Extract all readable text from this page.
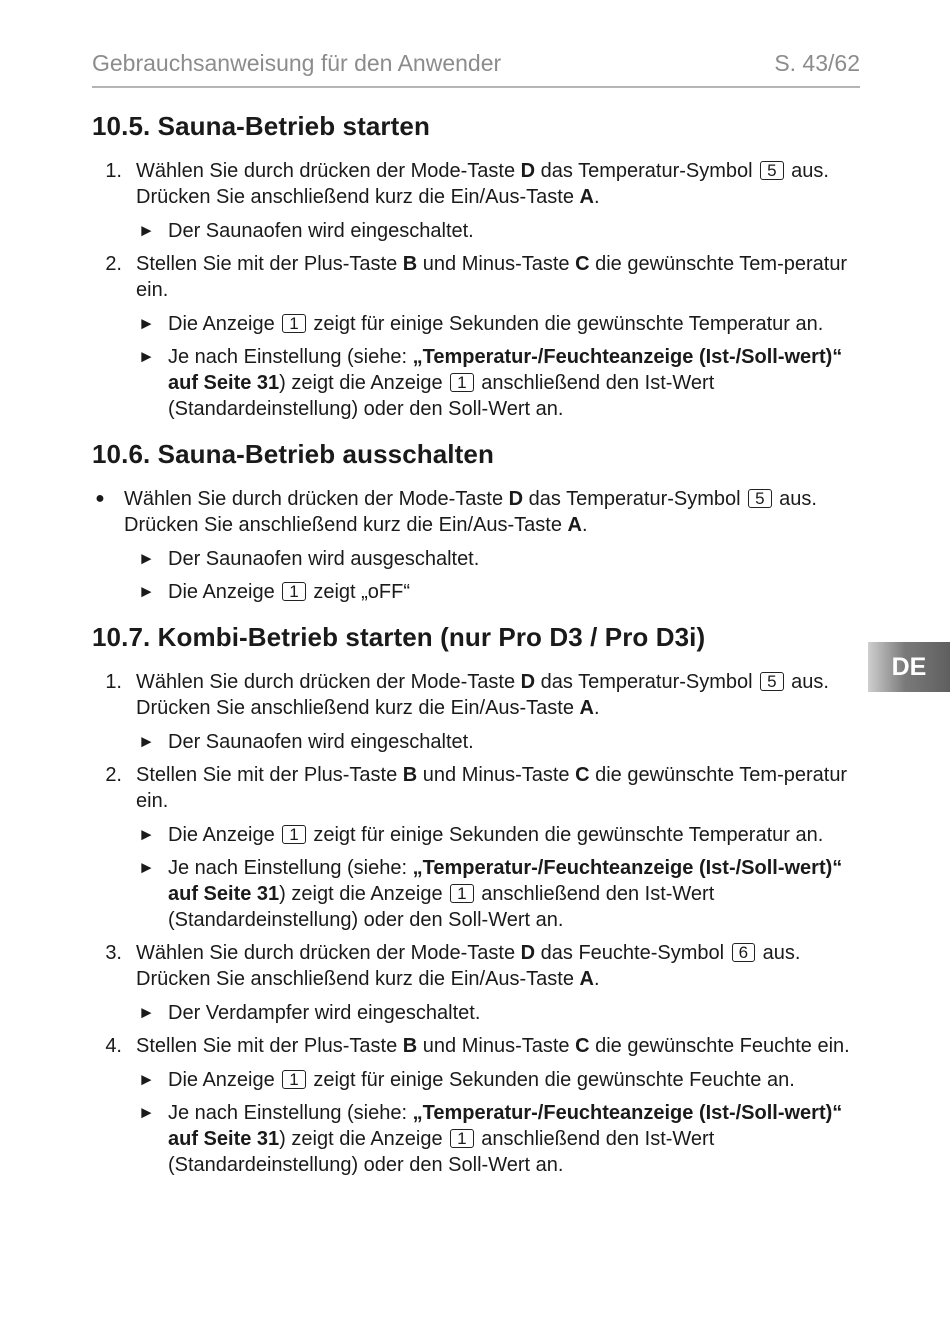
Gebrauchsanweisung für den Anwender	S. 43/62
DE
10.5. Sauna-Betrieb starten
1. Wählen Sie durch drücken der Mode-Taste D das Temperatur-Symbol 5 aus. Drücken Sie anschließend kurz die Ein/Aus-Taste A.
► Der Saunaofen wird eingeschaltet.
2. Stellen Sie mit der Plus-Taste B und Minus-Taste C die gewünschte Tem-peratur ein.
► Die Anzeige 1 zeigt für einige Sekunden die gewünschte Temperatur an.
► Je nach Einstellung (siehe: „Temperatur-/Feuchteanzeige (Ist-/Soll-wert)“ auf Seite 31) zeigt die Anzeige 1 anschließend den Ist-Wert (Standardeinstellung) oder den Soll-Wert an.
10.6. Sauna-Betrieb ausschalten
● Wählen Sie durch drücken der Mode-Taste D das Temperatur-Symbol 5 aus. Drücken Sie anschließend kurz die Ein/Aus-Taste A.
► Der Saunaofen wird ausgeschaltet.
► Die Anzeige 1 zeigt „oFF“
10.7. Kombi-Betrieb starten (nur Pro D3 / Pro D3i)
1. Wählen Sie durch drücken der Mode-Taste D das Temperatur-Symbol 5 aus. Drücken Sie anschließend kurz die Ein/Aus-Taste A.
► Der Saunaofen wird eingeschaltet.
2. Stellen Sie mit der Plus-Taste B und Minus-Taste C die gewünschte Tem-peratur ein.
► Die Anzeige 1 zeigt für einige Sekunden die gewünschte Temperatur an.
► Je nach Einstellung (siehe: „Temperatur-/Feuchteanzeige (Ist-/Soll-wert)“ auf Seite 31) zeigt die Anzeige 1 anschließend den Ist-Wert (Standardeinstellung) oder den Soll-Wert an.
3. Wählen Sie durch drücken der Mode-Taste D das Feuchte-Symbol 6 aus. Drücken Sie anschließend kurz die Ein/Aus-Taste A.
► Der Verdampfer wird eingeschaltet.
4. Stellen Sie mit der Plus-Taste B und Minus-Taste C die gewünschte Feuchte ein.
► Die Anzeige 1 zeigt für einige Sekunden die gewünschte Feuchte an.
► Je nach Einstellung (siehe: „Temperatur-/Feuchteanzeige (Ist-/Soll-wert)“ auf Seite 31) zeigt die Anzeige 1 anschließend den Ist-Wert (Standardeinstellung) oder den Soll-Wert an.
